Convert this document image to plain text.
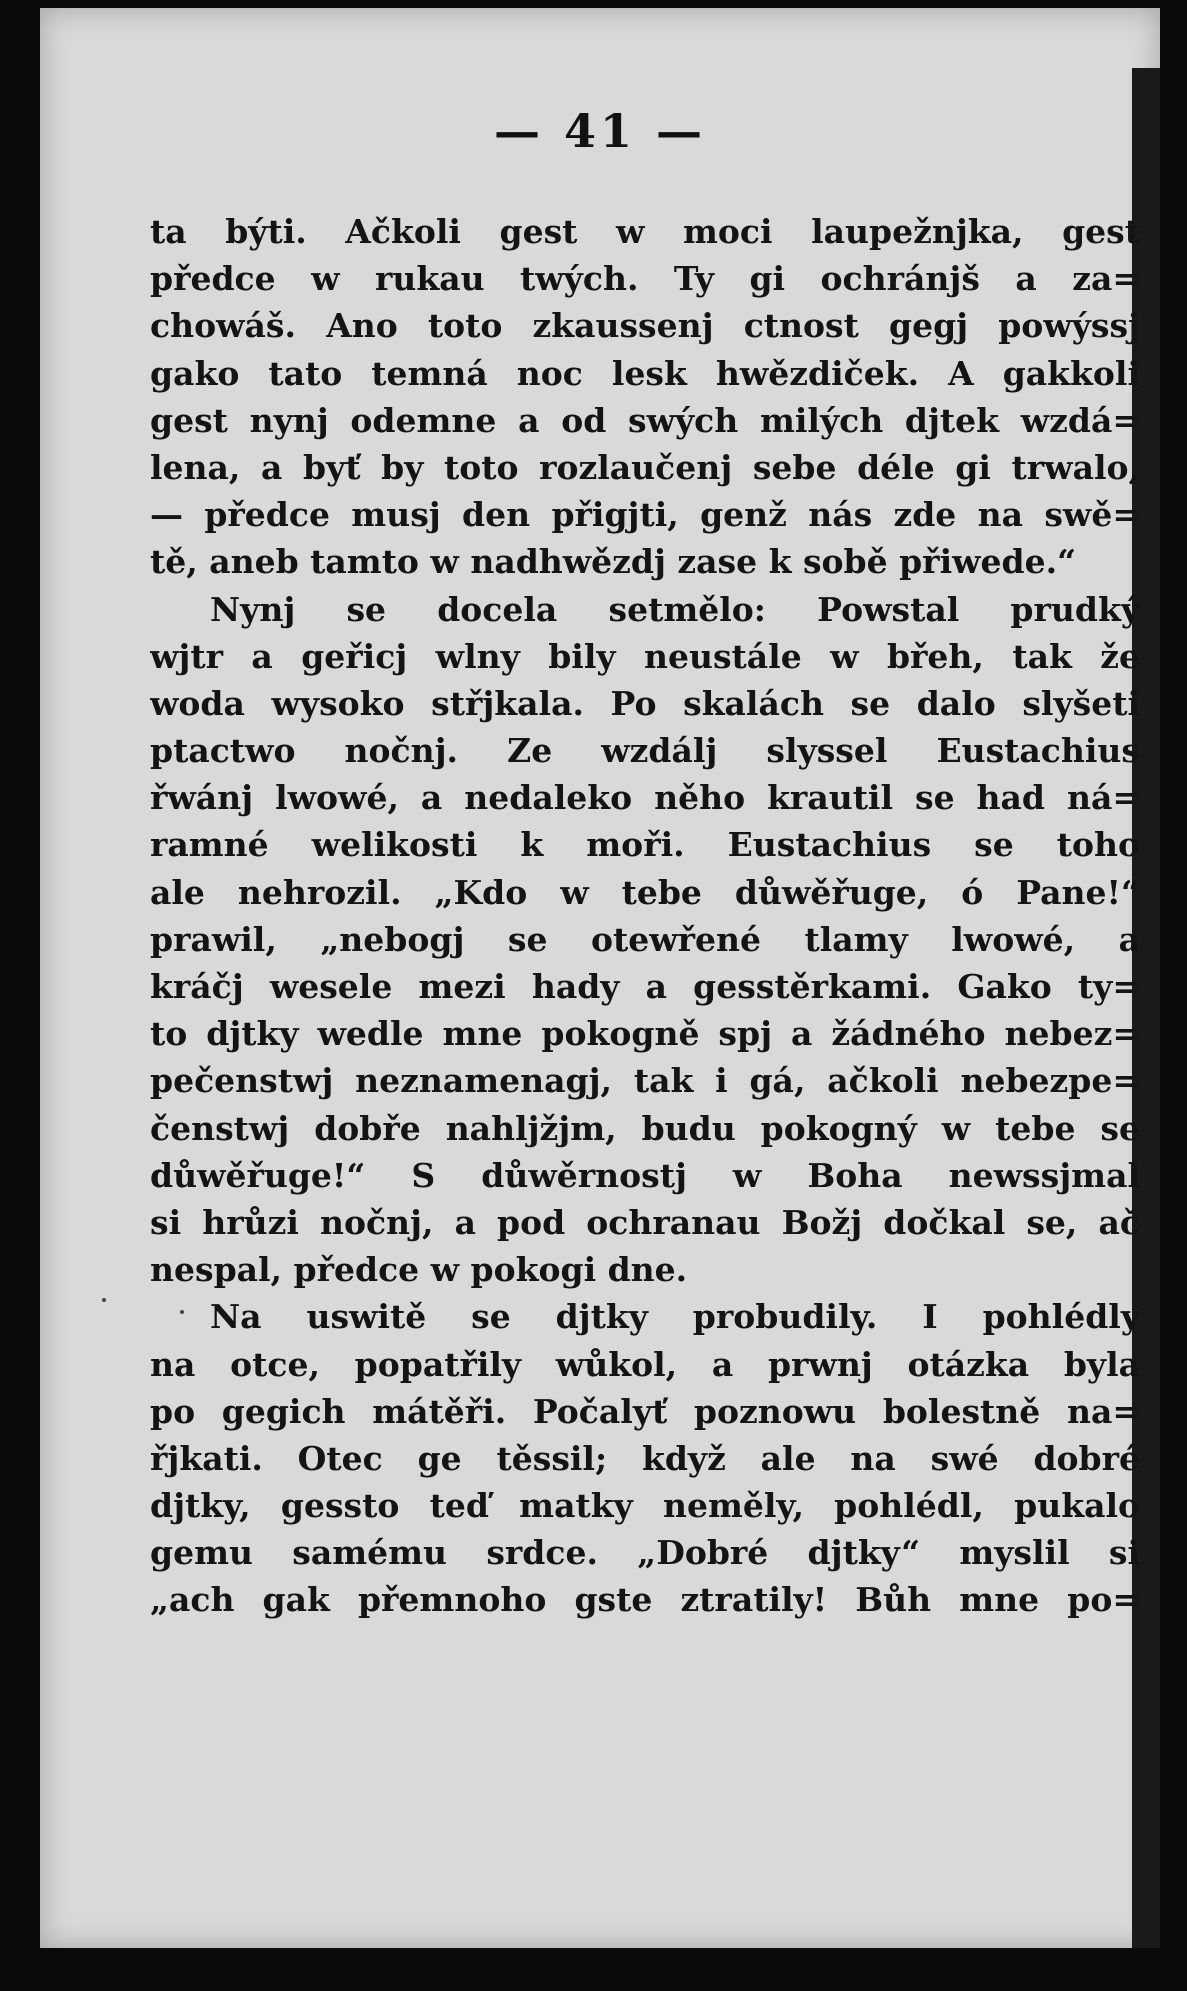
— 41 —
ta býti. Ačkoli gest w moci laupežnjka, gest
předce w rukau twých. Ty gi ochránjš a za=
chowáš. Ano toto zkaussenj ctnost gegj powýssj
gako tato temná noc lesk hwězdiček. A gakkoli
gest nynj odemne a od swých milých djtek wzdá=
lena, a byť by toto rozlaučenj sebe déle gi trwalo,
— předce musj den přigjti, genž nás zde na swě=
tě, aneb tamto w nadhwězdj zase k sobě přiwede.“
Nynj se docela setmělo: Powstal prudký
wjtr a geřicj wlny bily neustále w břeh, tak že
woda wysoko střjkala. Po skalách se dalo slyšeti
ptactwo nočnj. Ze wzdálj slyssel Eustachius
řwánj lwowé, a nedaleko něho krautil se had ná=
ramné welikosti k moři. Eustachius se toho
ale nehrozil. „Kdo w tebe důwěřuge, ó Pane!“
prawil, „nebogj se otewřené tlamy lwowé, a
kráčj wesele mezi hady a gesstěrkami. Gako ty=
to djtky wedle mne pokogně spj a žádného nebez=
pečenstwj neznamenagj, tak i gá, ačkoli nebezpe=
čenstwj dobře nahljžjm, budu pokogný w tebe se
důwěřuge!“ S důwěrnostj w Boha newssjmal
si hrůzi nočnj, a pod ochranau Božj dočkal se, ač
nespal, předce w pokogi dne.
Na uswitě se djtky probudily. I pohlédly
na otce, popatřily wůkol, a prwnj otázka byla
po gegich mátěři. Počalyť poznowu bolestně na=
řjkati. Otec ge těssil; když ale na swé dobré
djtky, gessto teď matky neměly, pohlédl, pukalo
gemu samému srdce. „Dobré djtky“ myslil si
„ach gak přemnoho gste ztratily! Bůh mne po=
